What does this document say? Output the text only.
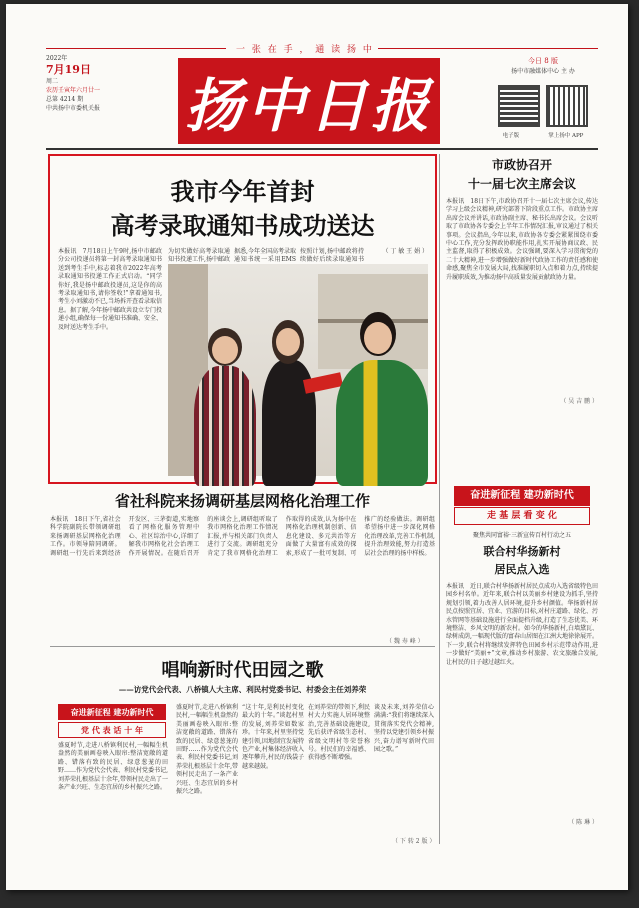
一 张 在 手 ， 通 读 扬 中
2022年
7月19日
周二
农历壬寅年六月廿一
总第 4214 期
中共扬中市委机关报	扬中日报
今日 8 版
扬中市融媒体中心 主 办
电子版	掌上扬中 APP
我市今年首封
高考录取通知书成功送达
本报讯　7月18日上午9时,扬中市邮政分公司投递员将第一封高考录取通知书送到考生手中,标志着我市2022年高考录取通知书投递工作正式启动。“同学你好,我是扬中邮政投递员,这是你的高考录取通知书,请你签收!”拿着通知书,考生小刘激动不已,当场拆开查看录取信息。据了解,今年扬中邮政共设立专门投递小组,确保每一份通知书准确、安全、及时送达考生手中。
为切实做好高考录取通知书投递工作,扬中邮政
据悉,今年全国高考录取通知书统一采用EMS
按照计划,扬中邮政将持续做好后续录取通知书
（ 丁 敏 王 娟 ）
市政协召开
十一届七次主席会议
本报讯　18日下午,市政协召开十一届七次主席会议,传达学习上级会议精神,研究部署下阶段重点工作。市政协主席出席会议并讲话,市政协副主席、秘书长出席会议。会议听取了市政协各专委会上半年工作情况汇报,审议通过了相关事项。会议指出,今年以来,市政协各专委会紧紧围绕市委中心工作,充分发挥政协职能作用,扎实开展协商议政、民主监督,取得了积极成效。会议强调,要深入学习贯彻党的二十大精神,进一步增强做好新时代政协工作的责任感和使命感,聚焦全市发展大局,找准履职切入点和着力点,持续提升履职质效,为推动扬中高质量发展贡献政协力量。
（ 吴 吉 鹏 ）
奋进新征程 建功新时代
走 基 层 看 变 化
聚焦共同富裕·三新宣传百村行动之五
联合村华扬新村
居民点入选
本报讯　近日,联合村华扬新村居民点成功入选省级特色田园乡村名单。近年来,联合村以美丽乡村建设为抓手,坚持规划引领,着力改善人居环境,提升乡村颜值。华扬新村居民点按照宜居、宜业、宜游的目标,对村庄道路、绿化、污水管网等基础设施进行全面提档升级,打造了生态优美、环境整洁、乡风文明的新农村。如今的华扬新村,白墙黛瓦、绿树成荫,一幅现代版的富春山居图在江洲大地徐徐展开。下一步,联合村将继续发挥特色田园乡村示范带动作用,进一步做好“美丽+”文章,推动乡村旅游、农文旅融合发展,让村民的日子越过越红火。
（ 陈 琳 ）
省社科院来扬调研基层网格化治理工作
本报讯　18日下午,省社会科学院副院长带领调研组来扬调研基层网格化治理工作。市领导陪同调研。调研组一行先后来到经济开发区、三茅街道,实地察看了网格化服务管理中心、社区综治中心,详细了解我市网格化社会治理工作开展情况。在随后召开的座谈会上,调研组听取了我市网格化治理工作情况汇报,并与相关部门负责人进行了交流。调研组充分肯定了我市网格化治理工作取得的成效,认为扬中在网格化治理机制创新、信息化建设、多元共治等方面做了大量富有成效的探索,形成了一批可复制、可推广的经验做法。调研组希望扬中进一步深化网格化治理改革,完善工作机制,提升治理效能,努力打造基层社会治理的扬中样板。
（ 魏 寿 峰 ）
唱响新时代田园之歌
——访党代会代表、八桥镇人大主席、利民村党委书记、村委会主任刘养荣
奋进新征程 建功新时代
党 代 表 话 十 年
盛夏时节,走进八桥镇利民村,一幅幅生机盎然的美丽画卷映入眼帘:整洁宽敞的道路、错落有致的民居、绿意葱茏的田野……作为党代会代表、利民村党委书记,刘养荣扎根基层十余年,带领村民走出了一条产业兴旺、生态宜居的乡村振兴之路。
“这十年,是利民村变化最大的十年。”谈起村里的发展,刘养荣如数家珍。十年来,村里坚持党建引领,因地制宜发展特色产业,村集体经济收入逐年攀升,村民的钱袋子越来越鼓。
在刘养荣的带领下,利民村大力实施人居环境整治,完善基础设施建设,先后获评省级生态村、省级文明村等荣誉称号。村民们的幸福感、获得感不断增强。
谈及未来,刘养荣信心满满:“我们将继续深入贯彻落实党代会精神,坚持以党建引领乡村振兴,奋力谱写新时代田园之歌。”
盛夏时节,走进八桥镇利民村,一幅幅生机盎然的美丽画卷映入眼帘:整洁宽敞的道路、错落有致的民居、绿意葱茏的田野……作为党代会代表、利民村党委书记,刘养荣扎根基层十余年,带领村民走出了一条产业兴旺、生态宜居的乡村振兴之路。
（ 下 转 2 版 ）
